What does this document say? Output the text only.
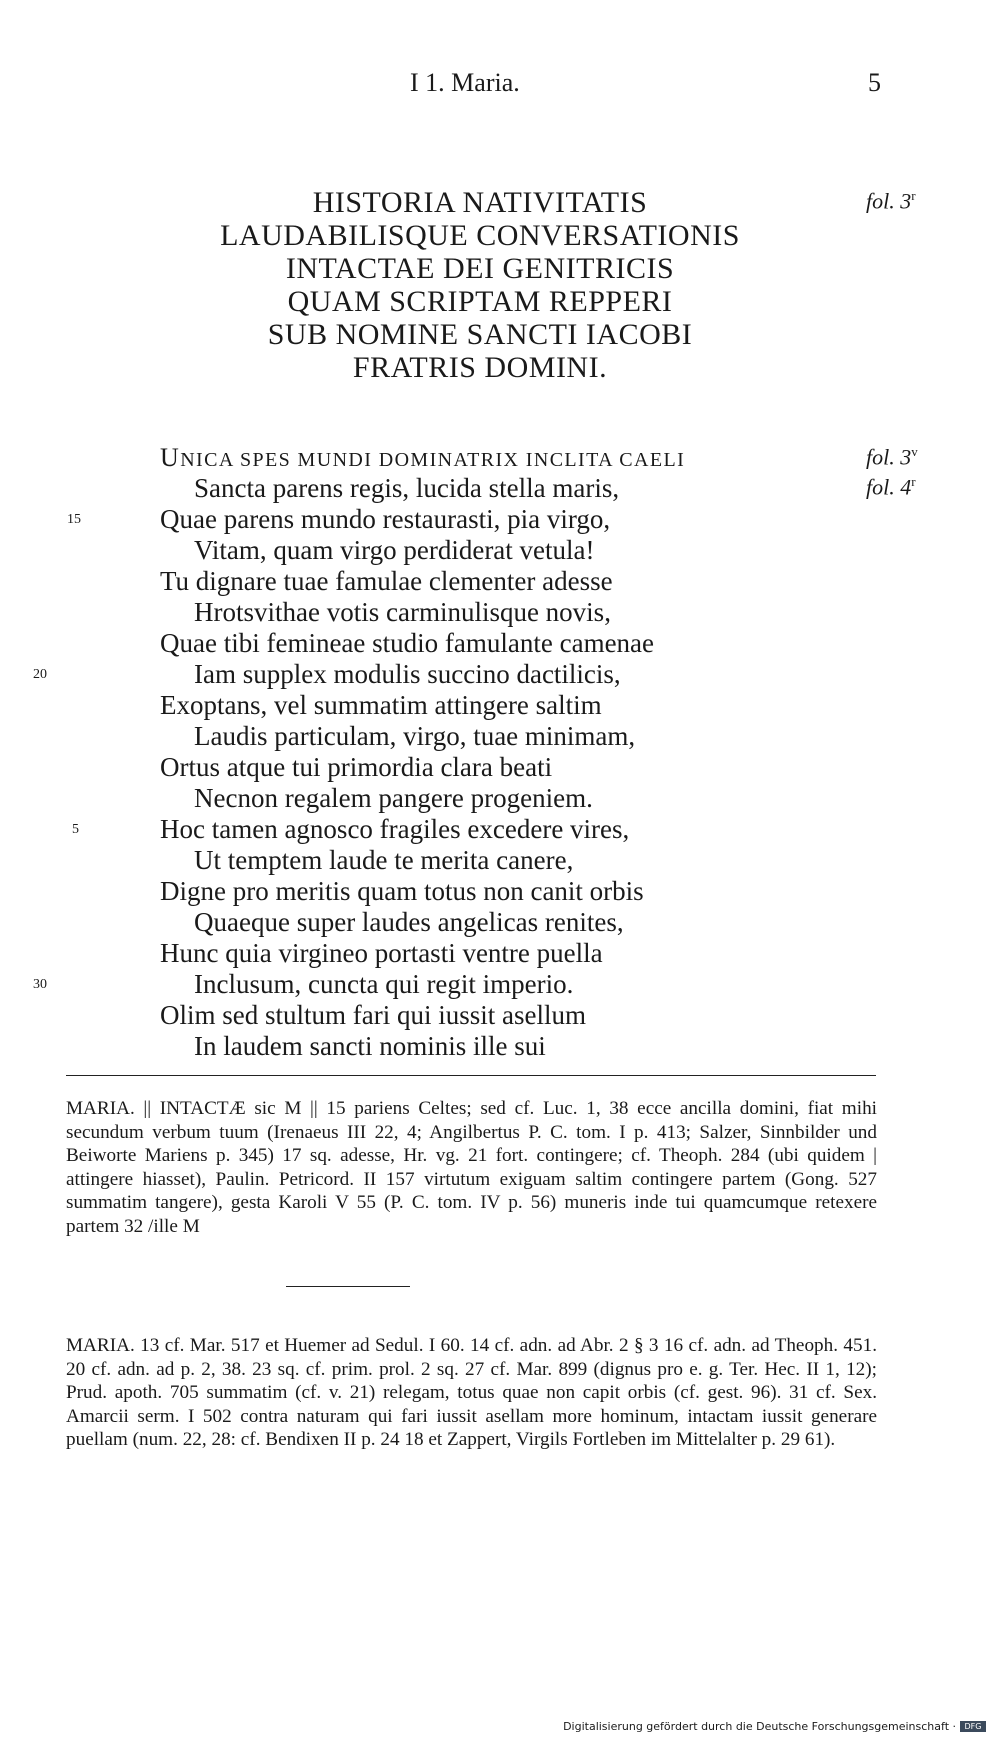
I 1. Maria.	5
HISTORIA NATIVITATIS
LAUDABILISQUE CONVERSATIONIS
INTACTAE DEI GENITRICIS
QUAM SCRIPTAM REPPERI
SUB NOMINE SANCTI IACOBI
FRATRIS DOMINI.
fol. 3$^r$
fol. 3$^v$
fol. 4$^r$
UNICA SPES MUNDI DOMINATRIX INCLITA CAELI
Sancta parens regis, lucida stella maris,
15	Quae parens mundo restaurasti, pia virgo,
Vitam, quam virgo perdiderat vetula!
Tu dignare tuae famulae clementer adesse
Hrotsvithae votis carminulisque novis,
Quae tibi femineae studio famulante camenae
20	Iam supplex modulis succino dactilicis,
Exoptans, vel summatim attingere saltim
Laudis particulam, virgo, tuae minimam,
Ortus atque tui primordia clara beati
Necnon regalem pangere progeniem.
5	Hoc tamen agnosco fragiles excedere vires,
Ut temptem laude te merita canere,
Digne pro meritis quam totus non canit orbis
Quaeque super laudes angelicas renites,
Hunc quia virgineo portasti ventre puella
30	Inclusum, cuncta qui regit imperio.
Olim sed stultum fari qui iussit asellum
In laudem sancti nominis ille sui
MARIA. || INTACTÆ sic M || 15 pariens Celtes; sed cf. Luc. 1, 38 ecce ancilla domini, fiat mihi secundum verbum tuum (Irenaeus III 22, 4; Angilbertus P. C. tom. I p. 413; Salzer, Sinnbilder und Beiworte Mariens p. 345) 17 sq. adesse, Hr. vg. 21 fort. contingere; cf. Theoph. 284 (ubi quidem | attingere hiasset), Paulin. Petricord. II 157 virtutum exiguam saltim contingere partem (Gong. 527 summatim tangere), gesta Karoli V 55 (P. C. tom. IV p. 56) muneris inde tui quamcumque retexere partem 32 /ille M
MARIA. 13 cf. Mar. 517 et Huemer ad Sedul. I 60. 14 cf. adn. ad Abr. 2 § 3 16 cf. adn. ad Theoph. 451. 20 cf. adn. ad p. 2, 38. 23 sq. cf. prim. prol. 2 sq. 27 cf. Mar. 899 (dignus pro e. g. Ter. Hec. II 1, 12); Prud. apoth. 705 summatim (cf. v. 21) relegam, totus quae non capit orbis (cf. gest. 96). 31 cf. Sex. Amarcii serm. I 502 contra naturam qui fari iussit asellam more hominum, intactam iussit generare puellam (num. 22, 28: cf. Bendixen II p. 24 18 et Zappert, Virgils Fortleben im Mittelalter p. 29 61).
Digitalisierung gefördert durch die Deutsche Forschungsgemeinschaft ·	DFG
